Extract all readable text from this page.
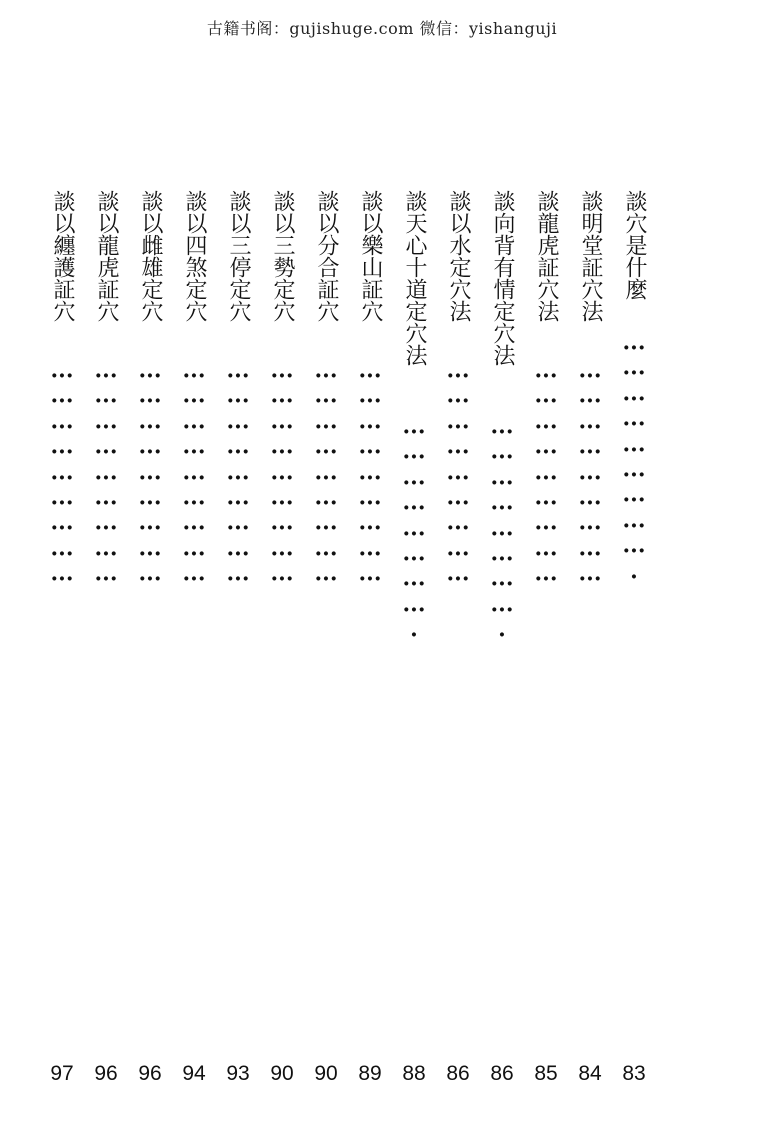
古籍书阁：gujishuge.com 微信：yishanguji
談穴是什麼
····························
83
談明堂証穴法
···························
84
談龍虎証穴法
···························
85
談向背有情定穴法
·························
86
談以水定穴法
···························
86
談天心十道定穴法
·························
88
談以樂山証穴
···························
89
談以分合証穴
···························
90
談以三勢定穴
···························
90
談以三停定穴
···························
93
談以四煞定穴
···························
94
談以雌雄定穴
···························
96
談以龍虎証穴
···························
96
談以纏護証穴
···························
97
